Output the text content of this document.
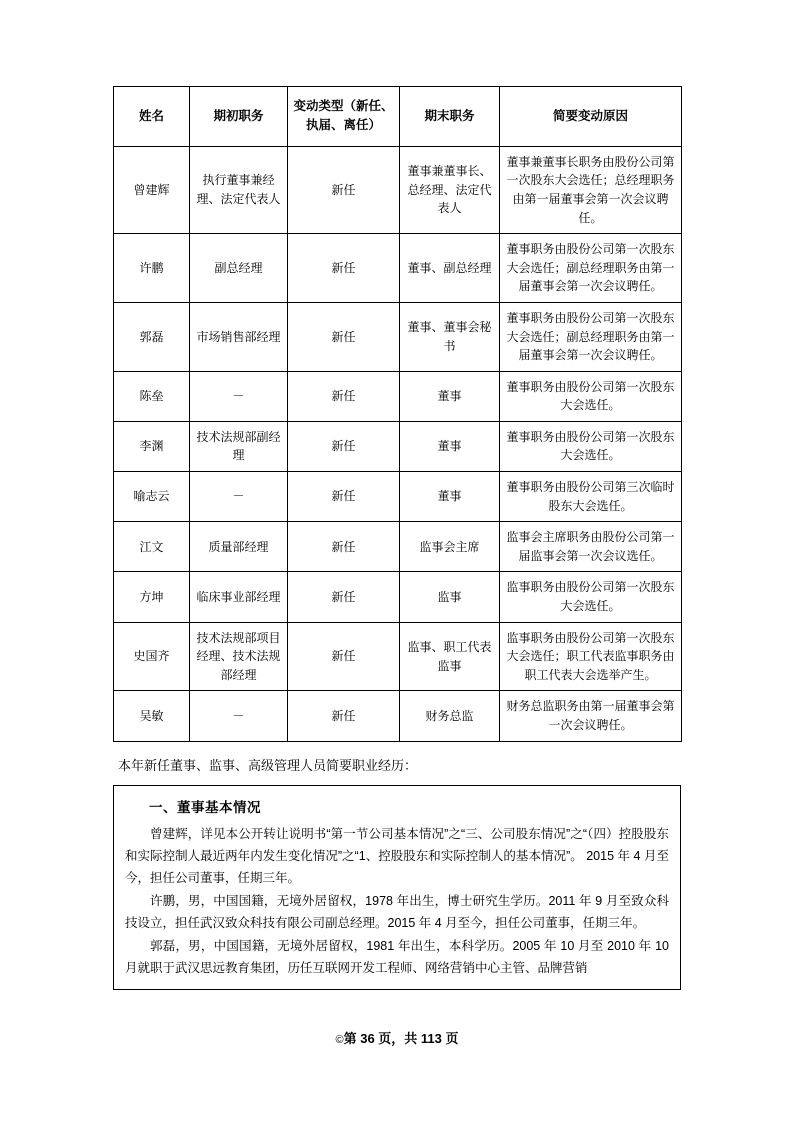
姓名	期初职务	变动类型（新任、执届、离任）	期末职务	简要变动原因
曾建辉	执行董事兼经理、法定代表人	新任	董事兼董事长、总经理、法定代表人	董事兼董事长职务由股份公司第一次股东大会选任；总经理职务由第一届董事会第一次会议聘任。
许鹏	副总经理	新任	董事、副总经理	董事职务由股份公司第一次股东大会选任；副总经理职务由第一届董事会第一次会议聘任。
郭磊	市场销售部经理	新任	董事、董事会秘书	董事职务由股份公司第一次股东大会选任；副总经理职务由第一届董事会第一次会议聘任。
陈垒	－	新任	董事	董事职务由股份公司第一次股东大会选任。
李渊	技术法规部副经理	新任	董事	董事职务由股份公司第一次股东大会选任。
喻志云	－	新任	董事	董事职务由股份公司第三次临时股东大会选任。
江文	质量部经理	新任	监事会主席	监事会主席职务由股份公司第一届监事会第一次会议选任。
方坤	临床事业部经理	新任	监事	监事职务由股份公司第一次股东大会选任。
史国齐	技术法规部项目经理、技术法规部经理	新任	监事、职工代表监事	监事职务由股份公司第一次股东大会选任；职工代表监事职务由职工代表大会选举产生。
吴敏	－	新任	财务总监	财务总监职务由第一届董事会第一次会议聘任。
本年新任董事、监事、高级管理人员简要职业经历：
一、董事基本情况

曾建辉，详见本公开转让说明书“第一节公司基本情况”之“三、公司股东情况”之“（四）控股股东和实际控制人最近两年内发生变化情况”之“1、控股股东和实际控制人的基本情况”。 2015 年 4 月至今，担任公司董事，任期三年。

许鹏，男，中国国籍，无境外居留权，1978 年出生，博士研究生学历。2011 年 9 月至致众科技设立，担任武汉致众科技有限公司副总经理。2015 年 4 月至今，担任公司董事，任期三年。

郭磊，男，中国国籍，无境外居留权，1981 年出生，本科学历。2005 年 10 月至 2010 年 10 月就职于武汉思远教育集团，历任互联网开发工程师、网络营销中心主管、品牌营销

©第 36 页，共 113 页
